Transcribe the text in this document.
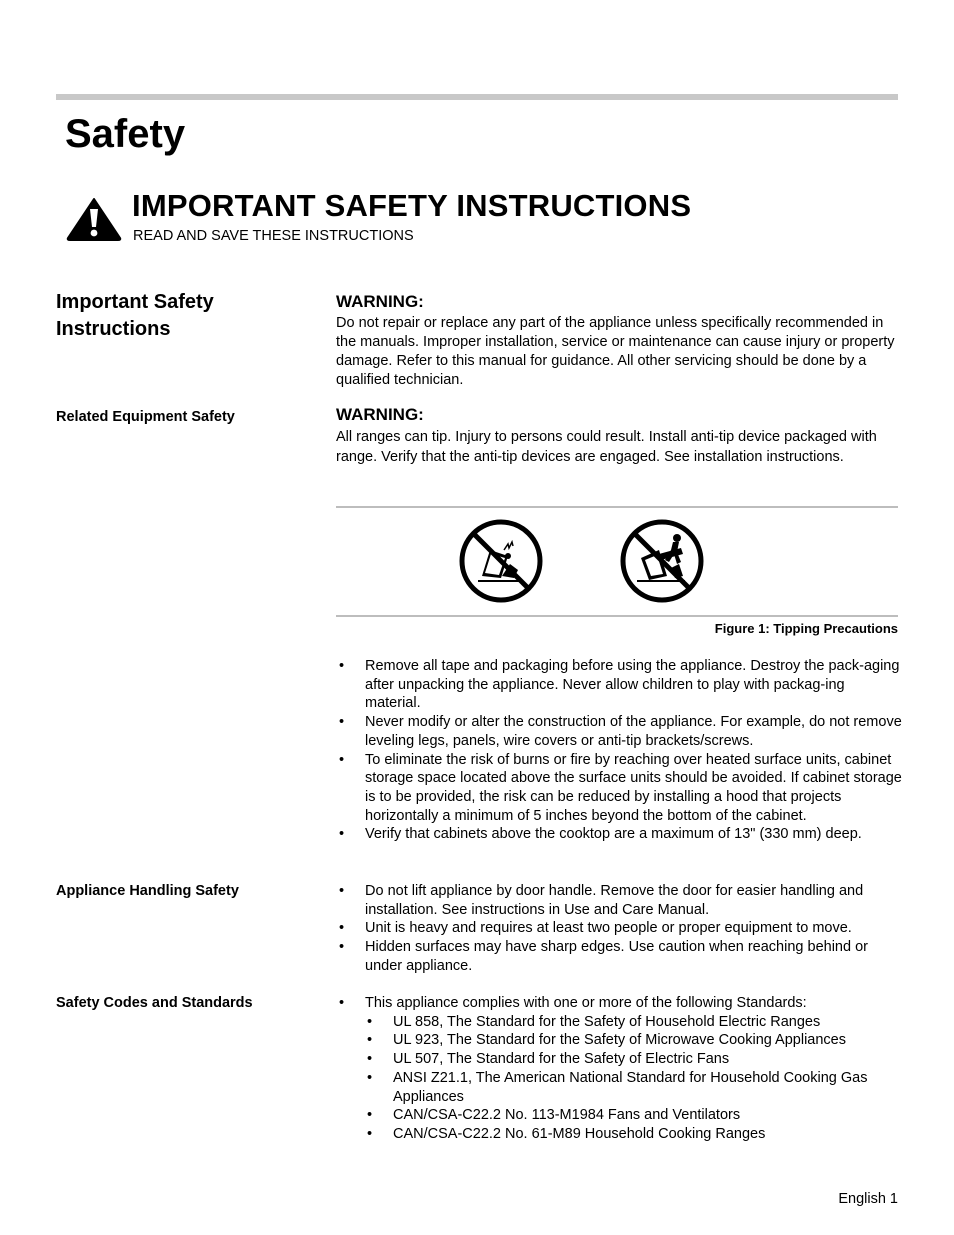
Safety
IMPORTANT SAFETY INSTRUCTIONS
READ AND SAVE THESE INSTRUCTIONS
Important Safety Instructions
WARNING:
Do not repair or replace any part of the appliance unless specifically recommended in the manuals. Improper installation, service or maintenance can cause injury or property damage. Refer to this manual for guidance. All other servicing should be done by a qualified technician.
Related Equipment Safety	WARNING:
All ranges can tip. Injury to persons could result. Install anti-tip device packaged with range. Verify that the anti-tip devices are engaged. See installation instructions.
Figure 1: Tipping Precautions
• Remove all tape and packaging before using the appliance. Destroy the pack-aging after unpacking the appliance. Never allow children to play with packag-ing material.
• Never modify or alter the construction of the appliance. For example, do not remove leveling legs, panels, wire covers or anti-tip brackets/screws.
• To eliminate the risk of burns or fire by reaching over heated surface units, cabinet storage space located above the surface units should be avoided. If cabinet storage is to be provided, the risk can be reduced by installing a hood that projects horizontally a minimum of 5 inches beyond the bottom of the cabinet.
• Verify that cabinets above the cooktop are a maximum of 13" (330 mm) deep.
Appliance Handling Safety	• Do not lift appliance by door handle. Remove the door for easier handling and installation. See instructions in Use and Care Manual.
• Unit is heavy and requires at least two people or proper equipment to move.
• Hidden surfaces may have sharp edges. Use caution when reaching behind or under appliance.
Safety Codes and Standards	• This appliance complies with one or more of the following Standards:
• UL 858, The Standard for the Safety of Household Electric Ranges
• UL 923, The Standard for the Safety of Microwave Cooking Appliances
• UL 507, The Standard for the Safety of Electric Fans
• ANSI Z21.1, The American National Standard for Household Cooking Gas Appliances
• CAN/CSA-C22.2 No. 113-M1984 Fans and Ventilators
• CAN/CSA-C22.2 No. 61-M89 Household Cooking Ranges
English 1
